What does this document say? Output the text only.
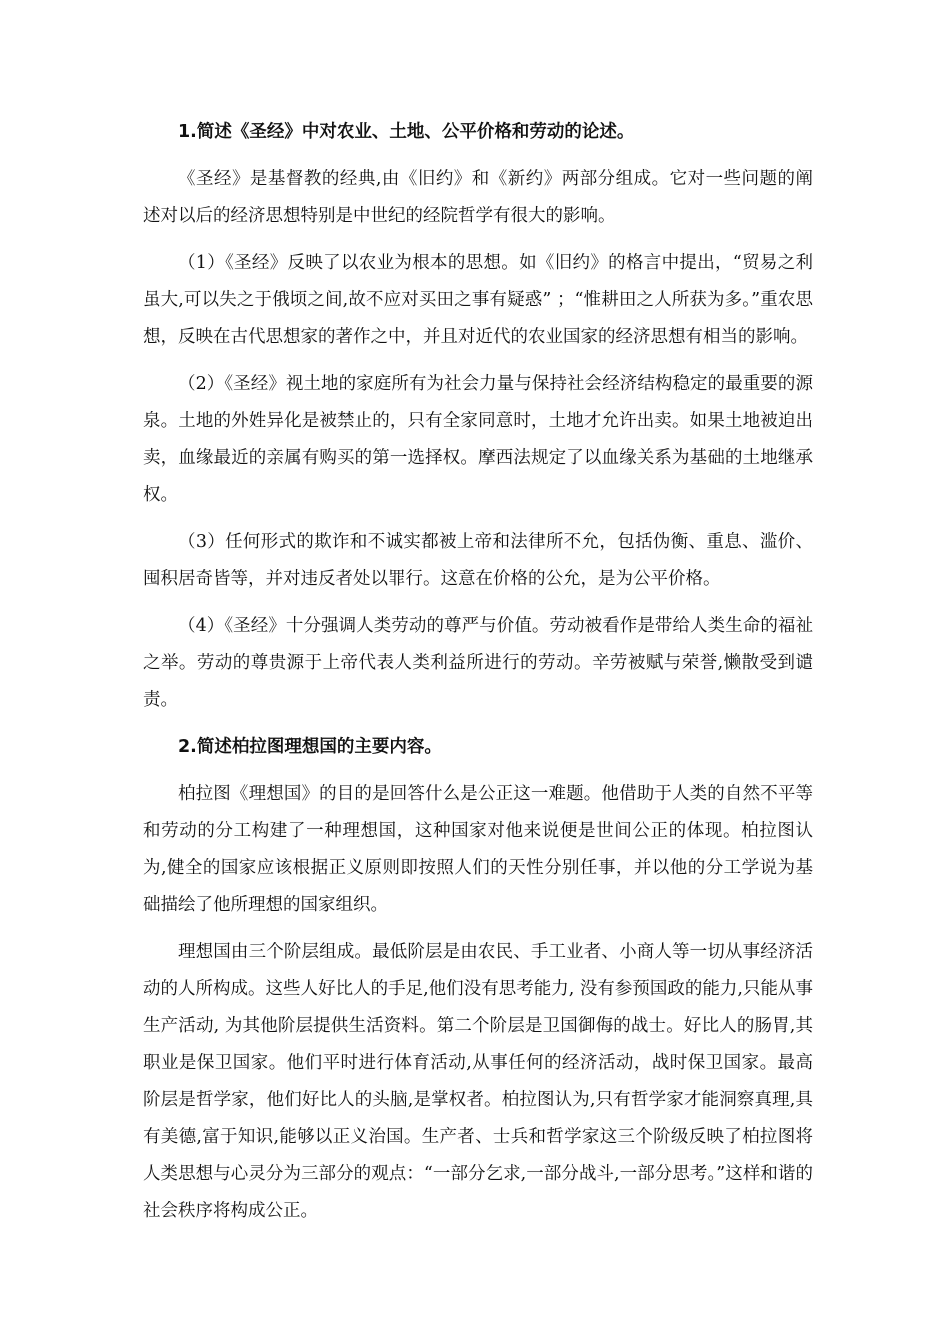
1.简述《圣经》中对农业、土地、公平价格和劳动的论述。

《圣经》是基督教的经典,由《旧约》和《新约》两部分组成。它对一些问题的阐述对以后的经济思想特别是中世纪的经院哲学有很大的影响。

（1）《圣经》反映了以农业为根本的思想。如《旧约》的格言中提出，“贸易之利虽大,可以失之于俄顷之间,故不应对买田之事有疑惑” ；“惟耕田之人所获为多。”重农思想，反映在古代思想家的著作之中，并且对近代的农业国家的经济思想有相当的影响。

（2）《圣经》视土地的家庭所有为社会力量与保持社会经济结构稳定的最重要的源泉。土地的外姓异化是被禁止的，只有全家同意时，土地才允许出卖。如果土地被迫出卖，血缘最近的亲属有购买的第一选择权。摩西法规定了以血缘关系为基础的土地继承权。

（3）任何形式的欺诈和不诚实都被上帝和法律所不允，包括伪衡、重息、滥价、囤积居奇皆等，并对违反者处以罪行。这意在价格的公允，是为公平价格。

（4）《圣经》十分强调人类劳动的尊严与价值。劳动被看作是带给人类生命的福祉之举。劳动的尊贵源于上帝代表人类利益所进行的劳动。辛劳被赋与荣誉,懒散受到谴责。

2.简述柏拉图理想国的主要内容。

柏拉图《理想国》的目的是回答什么是公正这一难题。他借助于人类的自然不平等和劳动的分工构建了一种理想国，这种国家对他来说便是世间公正的体现。柏拉图认为,健全的国家应该根据正义原则即按照人们的天性分别任事，并以他的分工学说为基础描绘了他所理想的国家组织。

理想国由三个阶层组成。最低阶层是由农民、手工业者、小商人等一切从事经济活动的人所构成。这些人好比人的手足,他们没有思考能力, 没有参预国政的能力,只能从事生产活动, 为其他阶层提供生活资料。第二个阶层是卫国御侮的战士。好比人的肠胃,其职业是保卫国家。他们平时进行体育活动,从事任何的经济活动，战时保卫国家。最高阶层是哲学家，他们好比人的头脑,是掌权者。柏拉图认为,只有哲学家才能洞察真理,具有美德,富于知识,能够以正义治国。生产者、士兵和哲学家这三个阶级反映了柏拉图将人类思想与心灵分为三部分的观点：“一部分乞求,一部分战斗,一部分思考。”这样和谐的社会秩序将构成公正。
